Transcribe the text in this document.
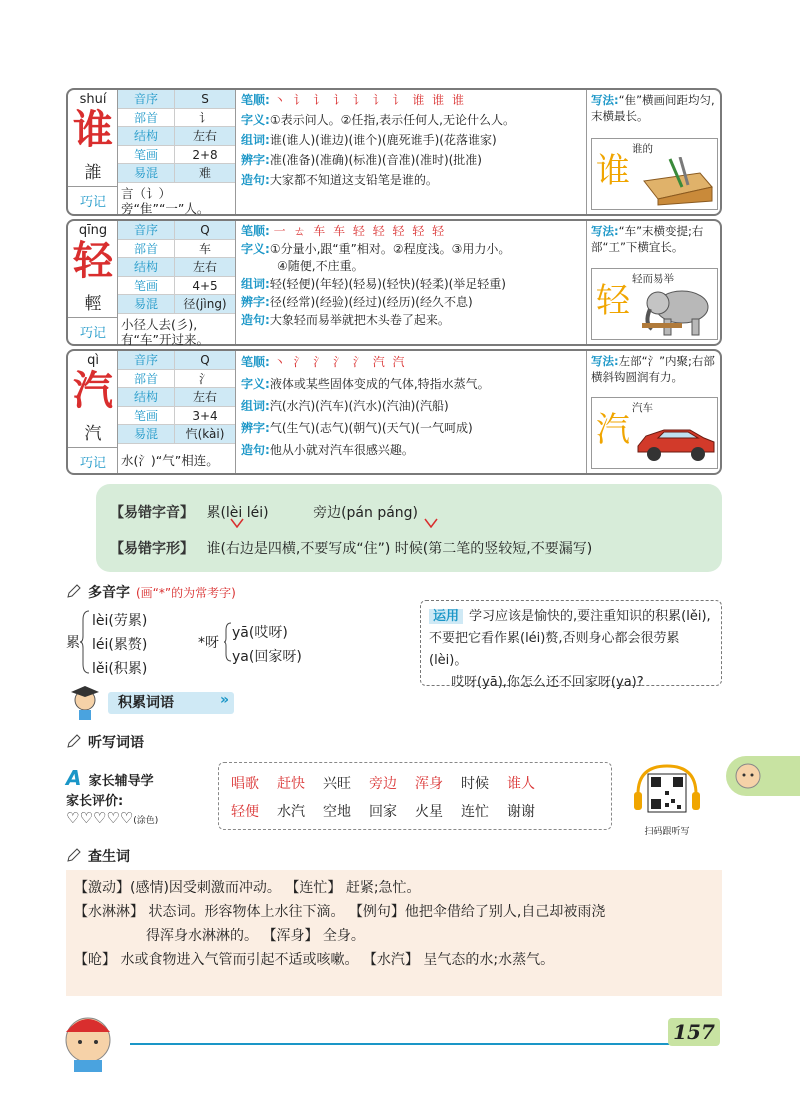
shuí
谁
誰
巧记
音序	S
部首	讠
结构	左右
笔画	2+8
易混	难
言（讠）旁“隹”“一”人。
笔顺: 丶 讠 讠 讠 讠 讠 讠 谁 谁 谁
字义:①表示问人。②任指,表示任何人,无论什么人。
组词:谁(谁人)(谁边)(谁个)(鹿死谁手)(花落谁家)
辨字:准(准备)(准确)(标准)(音准)(准时)(批准)
造句:大家都不知道这支铅笔是谁的。
写法:“隹”横画间距均匀,末横最长。
谁
谁的
qīng
轻
輕
巧记
音序	Q
部首	车
结构	左右
笔画	4+5
易混	径(jìng)
小径人去(彡),有“车”开过来。
笔顺: 一 ㄊ 车 车 轻 轻 轻 轻 轻
字义:①分量小,跟“重”相对。②程度浅。③用力小。
④随便,不庄重。
组词:轻(轻便)(年轻)(轻易)(轻快)(轻柔)(举足轻重)
辨字:径(经常)(经验)(经过)(经历)(经久不息)
造句:大象轻而易举就把木头卷了起来。
写法:“车”末横变提;右部“工”下横宜长。
轻
轻而易举
qì
汽
汽
巧记
音序	Q
部首	氵
结构	左右
笔画	3+4
易混	忾(kài)
水(氵)“气”相连。
笔顺: 丶 氵 氵 氵 氵 汽 汽
字义:液体或某些固体变成的气体,特指水蒸气。
组词:汽(水汽)(汽车)(汽水)(汽油)(汽船)
辨字:气(生气)(志气)(朝气)(天气)(一气呵成)
造句:他从小就对汽车很感兴趣。
写法:左部“氵”内聚;右部横斜钩圆润有力。
汽
汽车
【易错字音】 累(lèi léi)	旁边(pán páng)
【易错字形】 谁(右边是四横,不要写成“住”) 时候(第二笔的竖较短,不要漏写)
多音字 (画“*”的为常考字)
累
lèi(劳累)
léi(累赘)
lěi(积累)
*呀
yā(哎呀)
ya(回家呀)
运用 学习应该是愉快的,要注重知识的积累(lěi),不要把它看作累(léi)赘,否则身心都会很劳累(lèi)。
哎呀(yā),你怎么还不回家呀(ya)?
积累词语	»
听写词语
A 家长辅导学
家长评价:
♡♡♡♡♡(涂色)
唱歌 赶快 兴旺 旁边 浑身 时候 谁人
轻便 水汽 空地 回家 火星 连忙 谢谢
扫码跟听写
查生词
【激动】(感情)因受刺激而冲动。 【连忙】 赶紧;急忙。
【水淋淋】 状态词。形容物体上水往下滴。 【例句】他把伞借给了别人,自己却被雨浇
得浑身水淋淋的。 【浑身】 全身。
【呛】 水或食物进入气管而引起不适或咳嗽。 【水汽】 呈气态的水;水蒸气。
157
